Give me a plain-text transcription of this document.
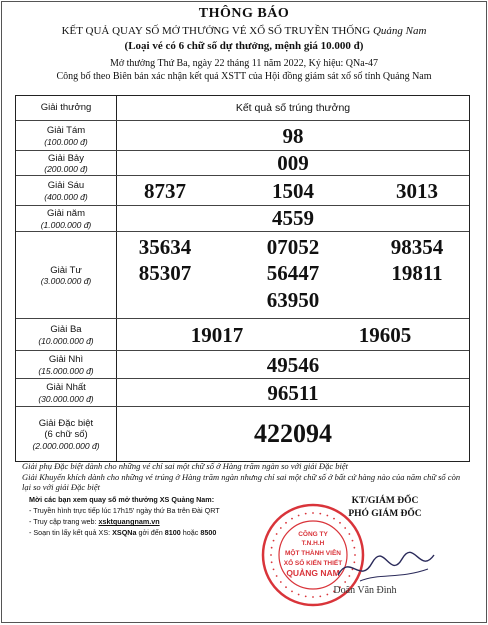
THÔNG BÁO
KẾT QUẢ QUAY SỐ MỞ THƯỞNG VÉ XỔ SỐ TRUYỀN THỐNG Quảng Nam
(Loại vé có 6 chữ số dự thưởng, mệnh giá 10.000 đ)
Mở thưởng Thứ Ba, ngày 22 tháng 11 năm 2022, Ký hiệu: QNa-47
Công bố theo Biên bản xác nhận kết quả XSTT của Hội đồng giám sát xổ số tỉnh Quảng Nam
Giải thưởng	Kết quả số trúng thưởng
Giải Tám
(100.000 đ)	98
Giải Bảy
(200.000 đ)	009
Giải Sáu
(400.000 đ)	8737	1504	3013
Giải năm
(1.000.000 đ)	4559
Giải Tư
(3.000.000 đ)
35634	07052	98354
85307	56447	19811
63950
Giải Ba
(10.000.000 đ)	19017	19605
Giải Nhì
(15.000.000 đ)	49546
Giải Nhất
(30.000.000 đ)	96511
Giải Đặc biệt
(6 chữ số)
(2.000.000.000 đ)	422094
Giải phụ Đặc biệt dành cho những vé chỉ sai một chữ số ở Hàng trăm ngàn so với giải Đặc biệt
Giải Khuyến khích dành cho những vé trúng ở Hàng trăm ngàn nhưng chỉ sai một chữ số ở bất cứ hàng nào của năm chữ số còn lại so với giải Đặc biệt
Mời các bạn xem quay số mở thưởng XS Quảng Nam:
- Truyền hình trực tiếp lúc 17h15' ngày thứ Ba trên Đài QRT
- Truy cập trang web: xsktquangnam.vn
- Soạn tin lấy kết quả XS: XSQNa gởi đến 8100 hoặc 8500
KT/GIÁM ĐỐC
PHÓ GIÁM ĐỐC
CÔNG TY
T.N.H.H
MỘT THÀNH VIÊN
XỔ SỐ KIẾN THIẾT
QUẢNG NAM
Doãn Văn Đình
